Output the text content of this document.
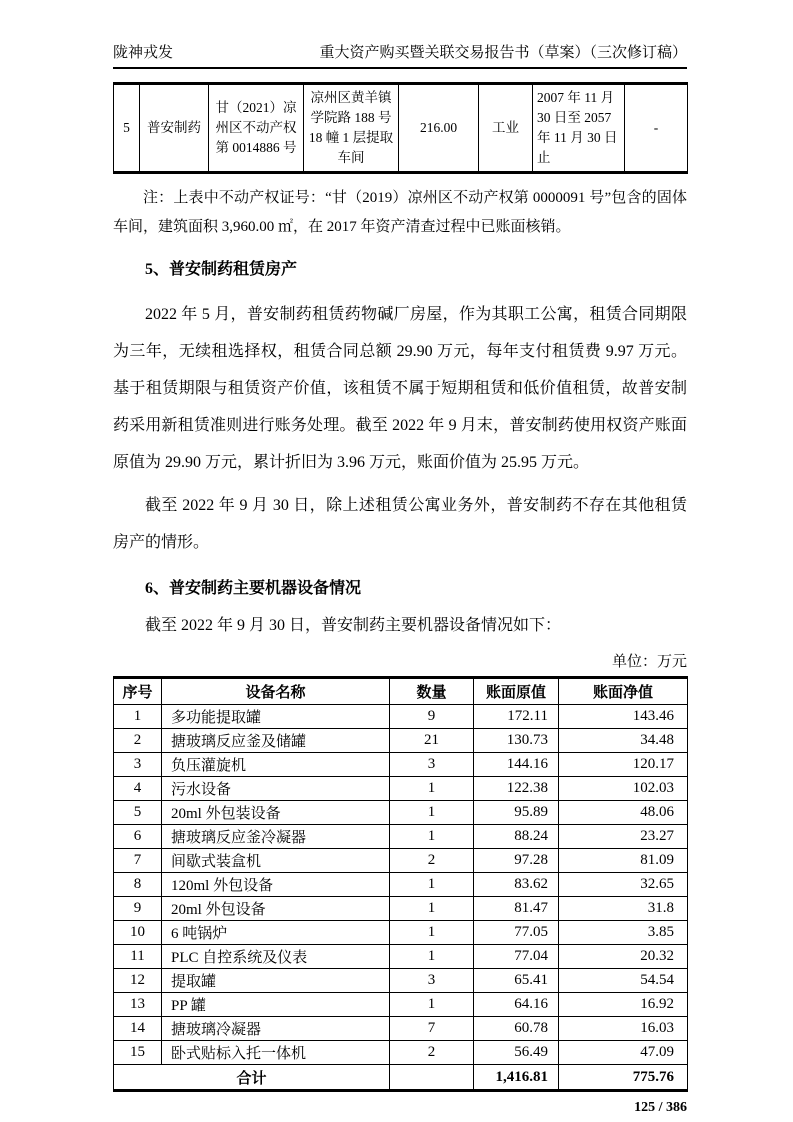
陇神戎发	重大资产购买暨关联交易报告书（草案）（三次修订稿）
5	普安制药	甘（2021）凉州区不动产权第 0014886 号	凉州区黄羊镇学院路 188 号 18 幢 1 层提取车间	216.00	工业	2007 年 11 月 30 日至 2057 年 11 月 30 日止	-
注：上表中不动产权证号：“甘（2019）凉州区不动产权第 0000091 号”包含的固体车间，建筑面积 3,960.00 ㎡，在 2017 年资产清查过程中已账面核销。
5、普安制药租赁房产
2022 年 5 月，普安制药租赁药物碱厂房屋，作为其职工公寓，租赁合同期限为三年，无续租选择权，租赁合同总额 29.90 万元，每年支付租赁费 9.97 万元。基于租赁期限与租赁资产价值，该租赁不属于短期租赁和低价值租赁，故普安制药采用新租赁准则进行账务处理。截至 2022 年 9 月末，普安制药使用权资产账面原值为 29.90 万元，累计折旧为 3.96 万元，账面价值为 25.95 万元。
截至 2022 年 9 月 30 日，除上述租赁公寓业务外，普安制药不存在其他租赁房产的情形。
6、普安制药主要机器设备情况
截至 2022 年 9 月 30 日，普安制药主要机器设备情况如下：
单位：万元
序号	设备名称	数量	账面原值	账面净值
1	多功能提取罐	9	172.11	143.46
2	搪玻璃反应釜及储罐	21	130.73	34.48
3	负压灌旋机	3	144.16	120.17
4	污水设备	1	122.38	102.03
5	20ml 外包装设备	1	95.89	48.06
6	搪玻璃反应釜冷凝器	1	88.24	23.27
7	间歇式装盒机	2	97.28	81.09
8	120ml 外包设备	1	83.62	32.65
9	20ml 外包设备	1	81.47	31.8
10	6 吨锅炉	1	77.05	3.85
11	PLC 自控系统及仪表	1	77.04	20.32
12	提取罐	3	65.41	54.54
13	PP 罐	1	64.16	16.92
14	搪玻璃冷凝器	7	60.78	16.03
15	卧式贴标入托一体机	2	56.49	47.09
合计			1,416.81	775.76
125 / 386
